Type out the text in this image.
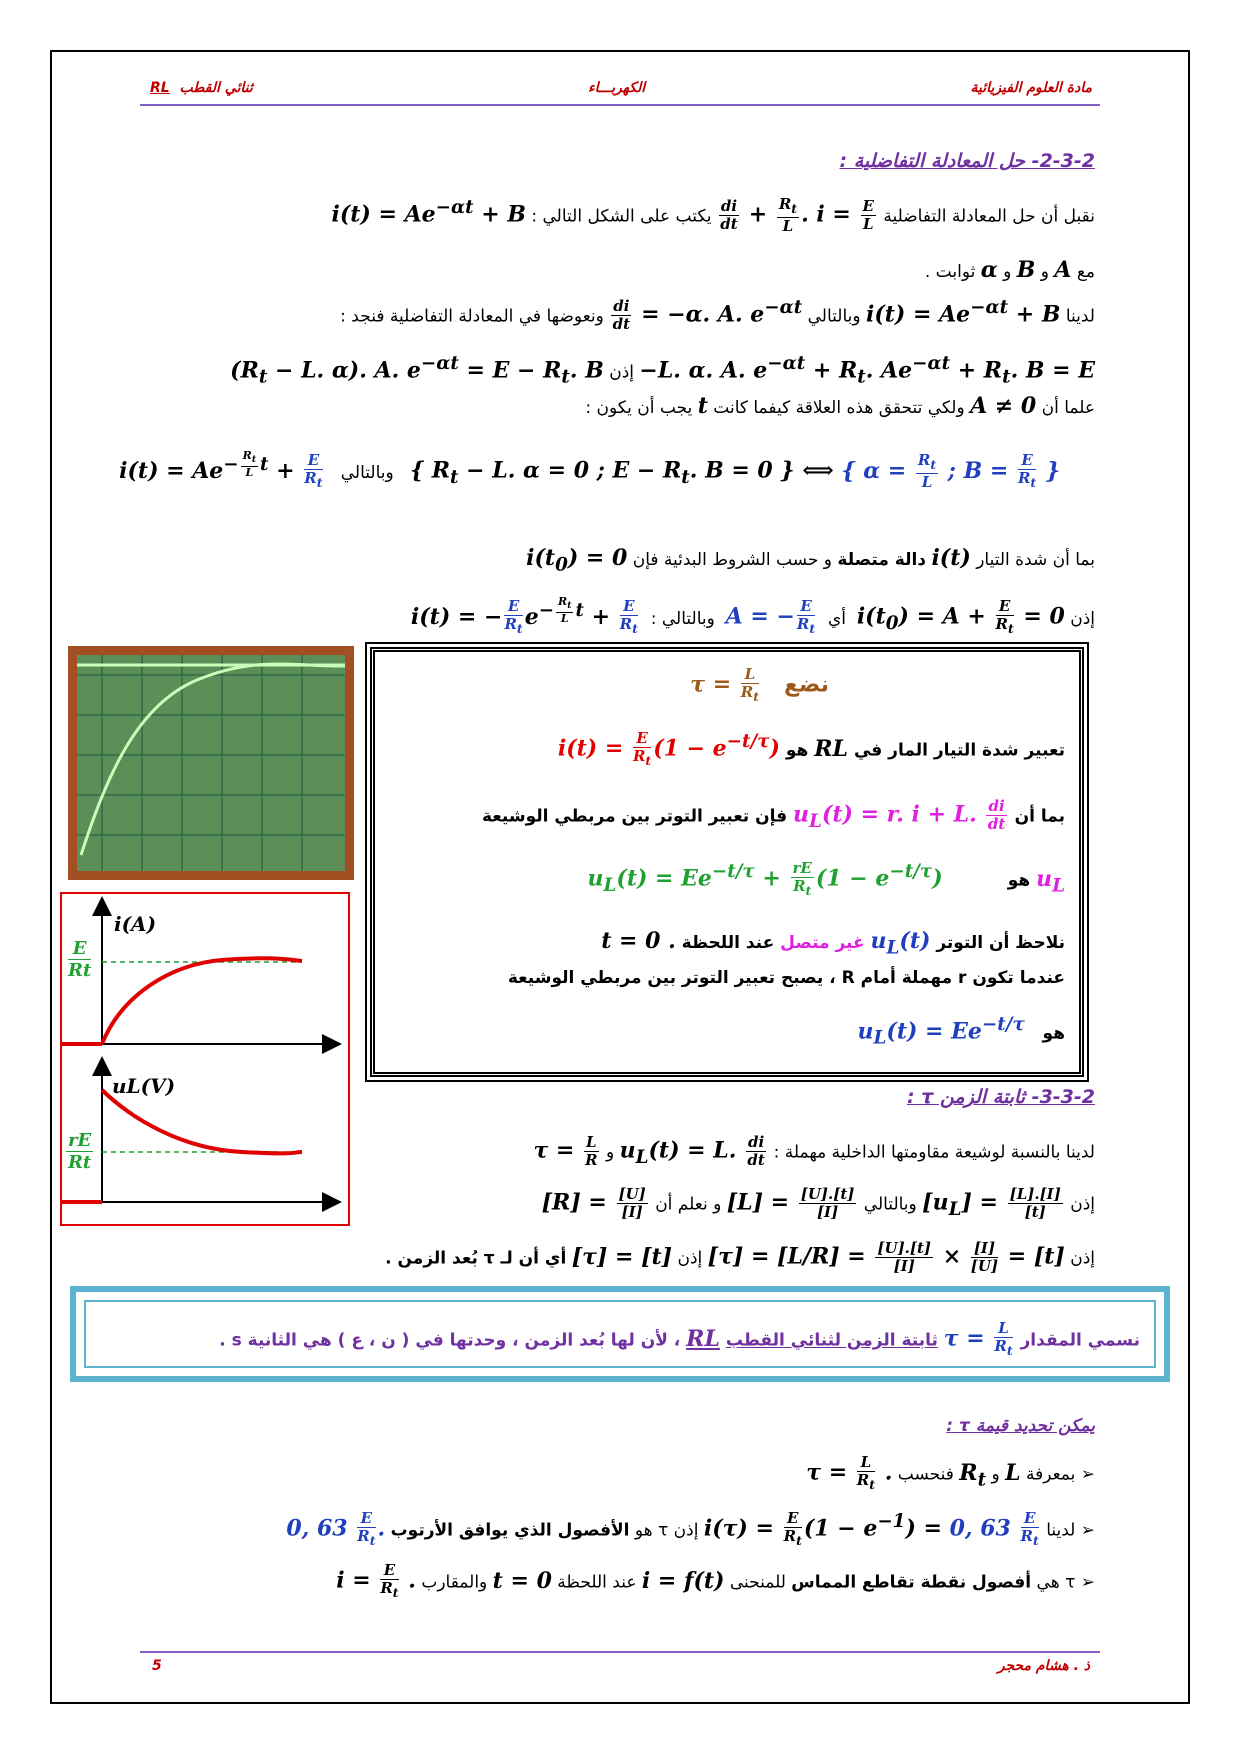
مادة العلوم الفيزيائية
الكهربـــاء
RL ثنائي القطب
2-3-2- حل المعادلة التفاضلية :
نقبل أن حل المعادلة التفاضلية
$\frac{di}{dt} + \frac{R_t}{L}$ . $i = \frac{E}{L}$
يكتب على الشكل التالي : $i(t) = Ae^{-\alpha t} + B$
مع A و B و α ثوابت .
لدينا $i(t) = Ae^{-\alpha t} + B$ وبالتالي
$\frac{di}{dt} = -\alpha$. A. $e^{-\alpha t}$ ونعوضها في المعادلة التفاضلية فنجد :
−L. α. A. $e^{-\alpha t} + R_t$. $Ae^{-\alpha t} + R_t$. B = E إذن ($R_t - L$. α). A. $e^{-\alpha t} = E - R_t$. B
علما أن A ≠ 0 ولكي تتحقق هذه العلاقة كيفما كانت t يجب أن يكون :
{ $R_t - L$. α = 0 ; $E - R_t$. B = 0 } ⟺ { $\alpha = \frac{R_t}{L}$ ; $B = \frac{E}{R_t}$ }   وبالتالي   $i(t) = Ae^{- \frac{R_t}{L} t} + \frac{E}{R_t}$
بما أن شدة التيار i(t) دالة متصلة و حسب الشروط البدئية فإن $i(t_0) = 0$
إذن $i(t_0) = A + \frac{E}{R_t} = 0$  أي  A = − $\frac{E}{R_t}$
وبالتالي :  i(t) = − $\frac{E}{R_t} e^{- \frac{R_t}{L} t} + \frac{E}{R_t}$
i(A)
uL(V)
$\frac{E}{Rt}$
$\frac{rE}{Rt}$
نضع   $\tau = \frac{L}{R_t}$
تعبير شدة التيار المار في RL هو $i(t) = \frac{E}{R_t} (1 - e^{-t/\tau})$
بما أن $u_L(t) = r$. i + L. $\frac{di}{dt}$
فإن تعبير التوتر بين مربطي الوشيعة
$u_L$ هو           $u_L(t) = Ee^{-t/\tau} + \frac{rE}{R_t} (1 - e^{-t/\tau})$
نلاحظ أن التوتر $u_L(t)$ غير متصل عند اللحظة t = 0 .
عندما تكون r مهملة أمام R ، يصبح تعبير التوتر بين مربطي الوشيعة
هو   $u_L(t) = Ee^{-t/\tau}$
3-3-2- ثابتة الزمن τ :
لدينا بالنسبة لوشيعة مقاومتها الداخلية مهملة : $u_L(t) = L$. $\frac{di}{dt}$
و $\tau = \frac{L}{R}$
إذن $[u_L] = \frac{[L].[I]}{[t]}$
وبالتالي $[L] = \frac{[U].[t]}{[I]}$
و نعلم أن $[R] = \frac{[U]}{[I]}$
إذن $[\tau] = [L/R] = \frac{[U].[t]}{[I]} \times \frac{[I]}{[U]} = [t]$ إذن [τ] = [t] أي أن لـ τ بُعد الزمن .
نسمي المقدار $\tau = \frac{L}{R_t}$
ثابتة الزمن لثنائي القطب RL ، لأن لها بُعد الزمن ، وحدتها في ( ن ، ع ) هي الثانية s .
يمكن تحديد قيمة τ :
➢ بمعرفة L و $R_t$ فنحسب $\tau = \frac{L}{R_t}$ .
➢ لدينا $i(\tau) = \frac{E}{R_t} (1 - e^{-1}) = 0$, $63 \frac{E}{R_t}$
إذن τ هو الأفصول الذي يوافق الأرتوب 0, $63 \frac{E}{R_t}$ .
➢ τ هي أفصول نقطة تقاطع المماس للمنحنى i = f(t) عند اللحظة t = 0 والمقارب $i = \frac{E}{R_t}$ .
ذ . هشام محجر
5
